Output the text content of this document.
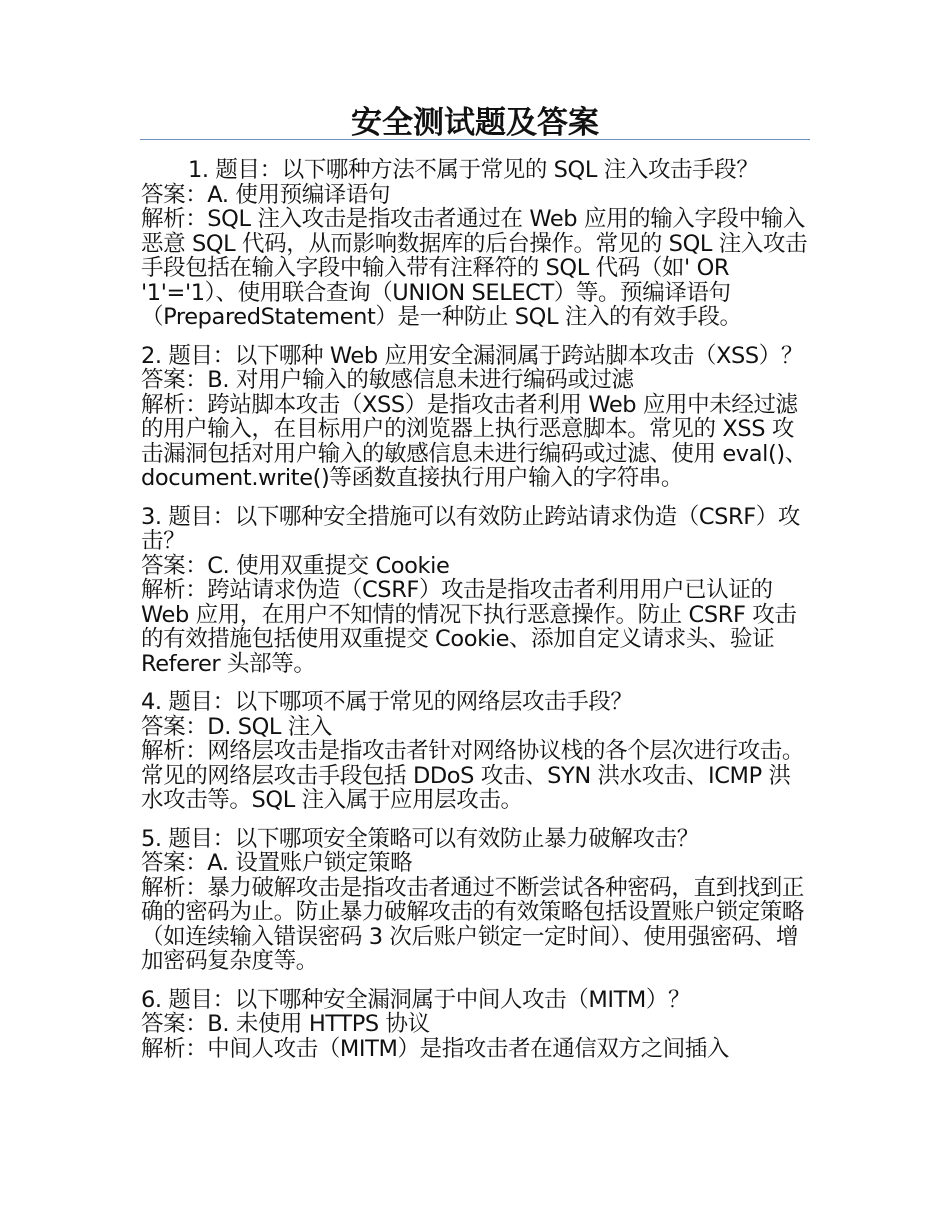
安全测试题及答案
1. 题目：以下哪种方法不属于常见的 SQL 注入攻击手段？
答案：A. 使用预编译语句
解析：SQL 注入攻击是指攻击者通过在 Web 应用的输入字段中输入恶意 SQL 代码，从而影响数据库的后台操作。常见的 SQL 注入攻击手段包括在输入字段中输入带有注释符的 SQL 代码（如' OR '1'='1）、使用联合查询（UNION SELECT）等。预编译语句（PreparedStatement）是一种防止 SQL 注入的有效手段。
2. 题目：以下哪种 Web 应用安全漏洞属于跨站脚本攻击（XSS）？
答案：B. 对用户输入的敏感信息未进行编码或过滤
解析：跨站脚本攻击（XSS）是指攻击者利用 Web 应用中未经过滤的用户输入，在目标用户的浏览器上执行恶意脚本。常见的 XSS 攻击漏洞包括对用户输入的敏感信息未进行编码或过滤、使用 eval()、document.write()等函数直接执行用户输入的字符串。
3. 题目：以下哪种安全措施可以有效防止跨站请求伪造（CSRF）攻击？
答案：C. 使用双重提交 Cookie
解析：跨站请求伪造（CSRF）攻击是指攻击者利用用户已认证的 Web 应用，在用户不知情的情况下执行恶意操作。防止 CSRF 攻击的有效措施包括使用双重提交 Cookie、添加自定义请求头、验证 Referer 头部等。
4. 题目：以下哪项不属于常见的网络层攻击手段？
答案：D. SQL 注入
解析：网络层攻击是指攻击者针对网络协议栈的各个层次进行攻击。常见的网络层攻击手段包括 DDoS 攻击、SYN 洪水攻击、ICMP 洪水攻击等。SQL 注入属于应用层攻击。
5. 题目：以下哪项安全策略可以有效防止暴力破解攻击？
答案：A. 设置账户锁定策略
解析：暴力破解攻击是指攻击者通过不断尝试各种密码，直到找到正确的密码为止。防止暴力破解攻击的有效策略包括设置账户锁定策略（如连续输入错误密码 3 次后账户锁定一定时间）、使用强密码、增加密码复杂度等。
6. 题目：以下哪种安全漏洞属于中间人攻击（MITM）？
答案：B. 未使用 HTTPS 协议
解析：中间人攻击（MITM）是指攻击者在通信双方之间插入
